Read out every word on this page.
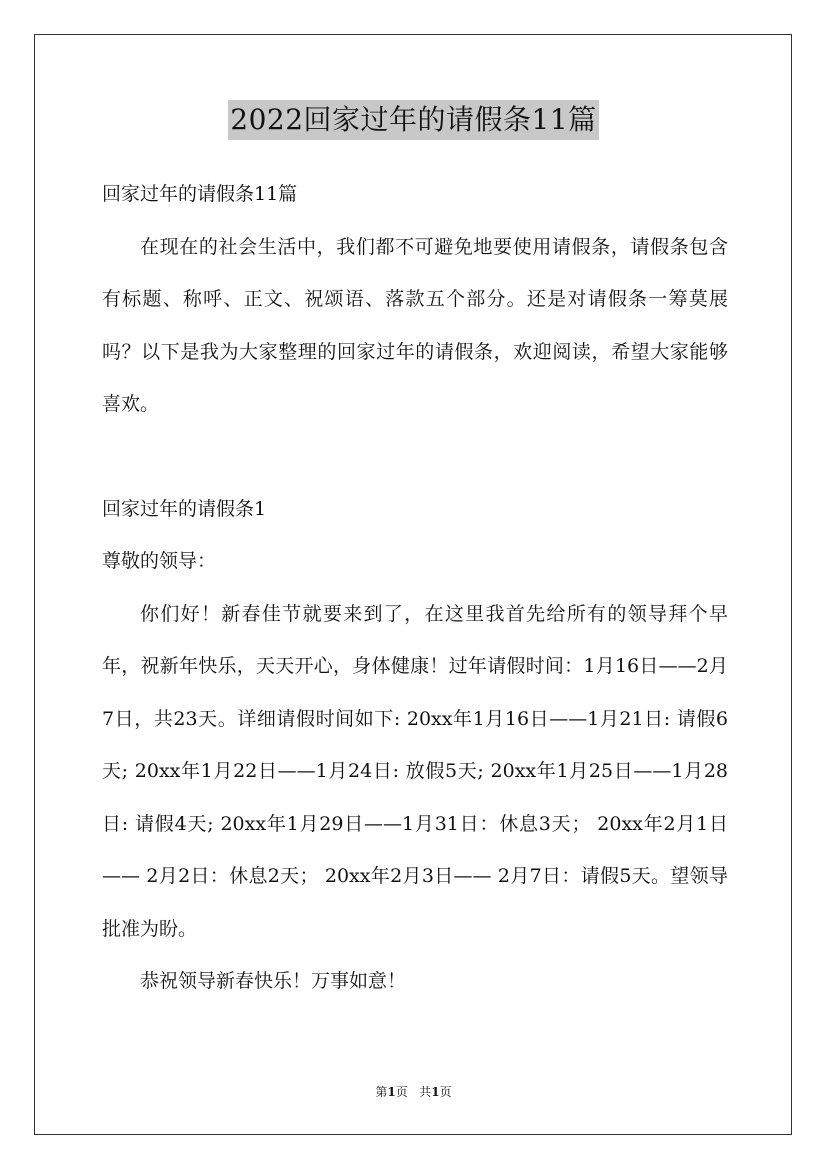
2022回家过年的请假条11篇

回家过年的请假条11篇

在现在的社会生活中，我们都不可避免地要使用请假条，请假条包含有标题、称呼、正文、祝颂语、落款五个部分。还是对请假条一筹莫展吗？以下是我为大家整理的回家过年的请假条，欢迎阅读，希望大家能够喜欢。

回家过年的请假条1

尊敬的领导：

你们好！新春佳节就要来到了，在这里我首先给所有的领导拜个早年，祝新年快乐，天天开心，身体健康！过年请假时间：1月16日——2月7日，共23天。详细请假时间如下: 20xx年1月16日——1月21日: 请假6天; 20xx年1月22日——1月24日: 放假5天; 20xx年1月25日——1月28日: 请假4天; 20xx年1月29日——1月31日：休息3天； 20xx年2月1日—— 2月2日：休息2天； 20xx年2月3日—— 2月7日：请假5天。望领导批准为盼。

恭祝领导新春快乐！万事如意！

第1页 共1页
